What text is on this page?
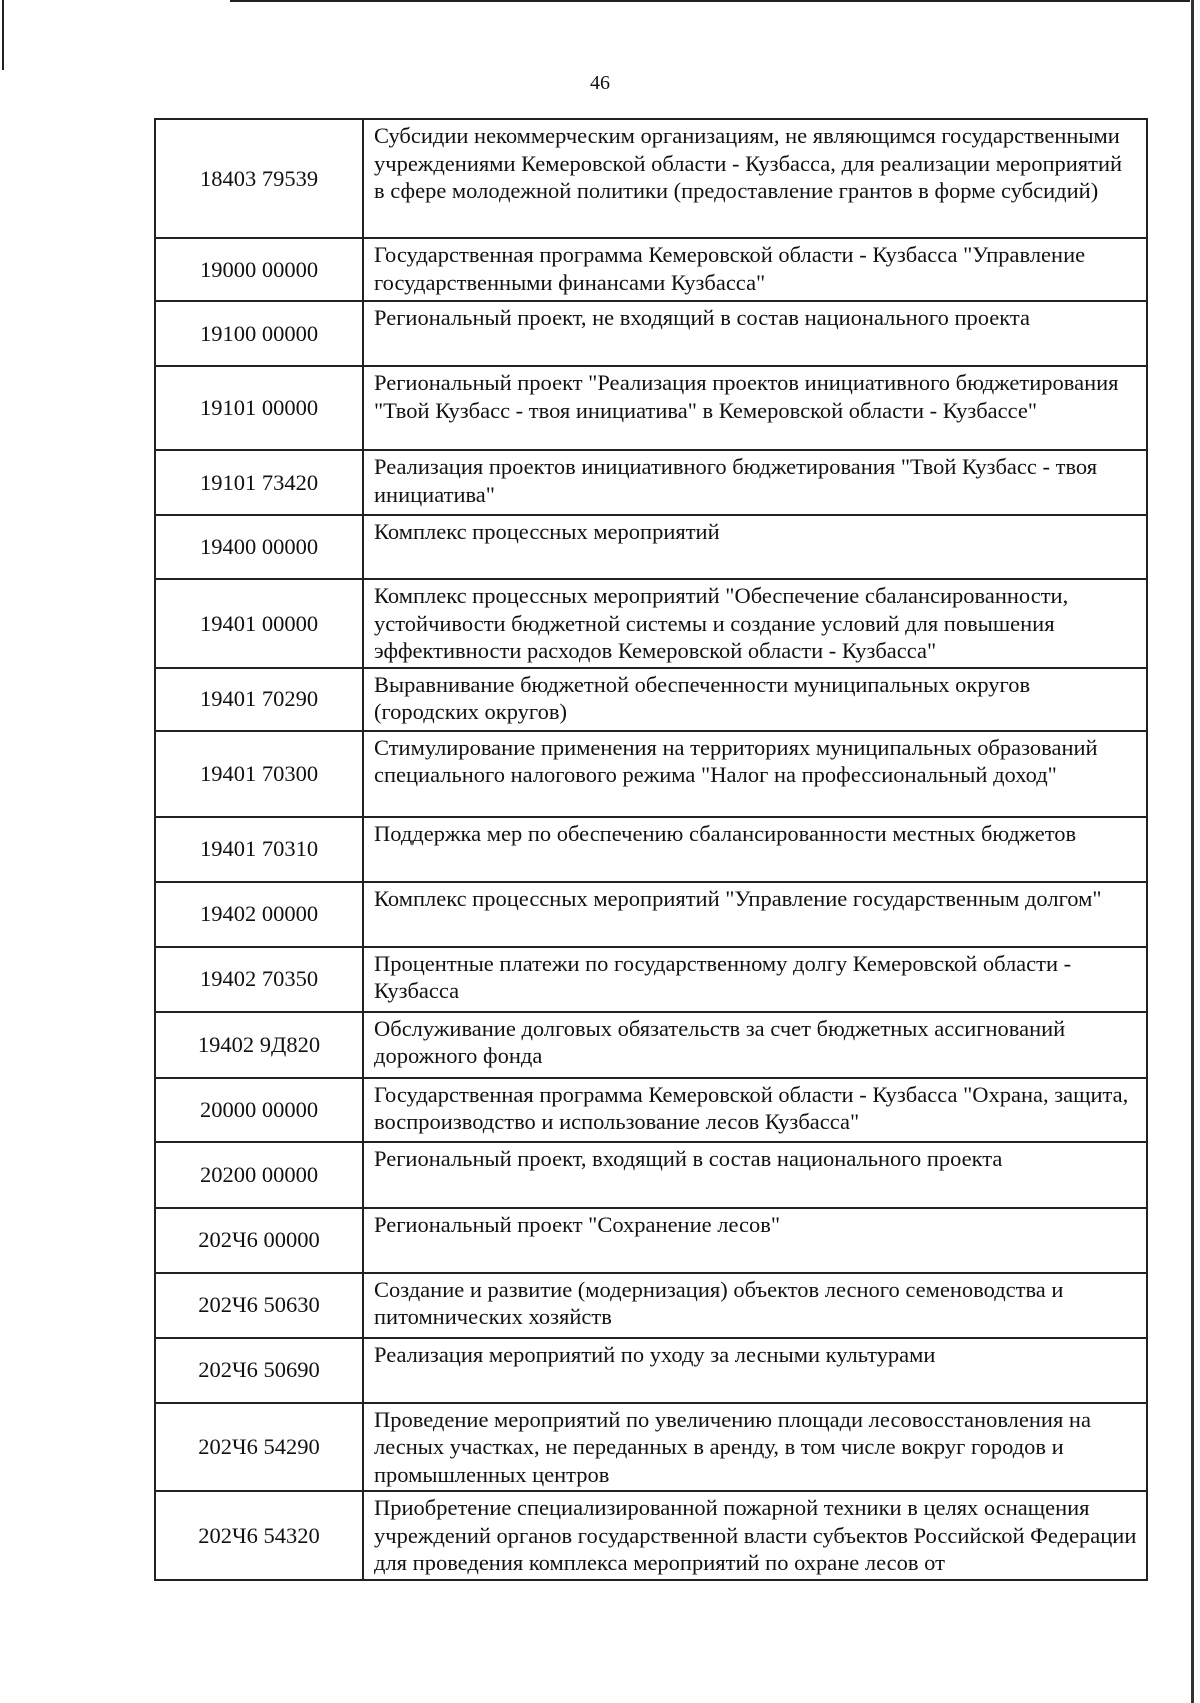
46
18403 79539	Субсидии некоммерческим организациям, не являющимся государственными учреждениями Кемеровской области - Кузбасса, для реализации мероприятий в сфере молодежной политики (предоставление грантов в форме субсидий)
19000 00000	Государственная программа Кемеровской области - Кузбасса "Управление государственными финансами Кузбасса"
19100 00000	Региональный проект, не входящий в состав национального проекта
19101 00000	Региональный проект "Реализация проектов инициативного бюджетирования "Твой Кузбасс - твоя инициатива" в Кемеровской области - Кузбассе"
19101 73420	Реализация проектов инициативного бюджетирования "Твой Кузбасс - твоя инициатива"
19400 00000	Комплекс процессных мероприятий
19401 00000	Комплекс процессных мероприятий "Обеспечение сбалансированности, устойчивости бюджетной системы и создание условий для повышения эффективности расходов Кемеровской области - Кузбасса"
19401 70290	Выравнивание бюджетной обеспеченности муниципальных округов (городских округов)
19401 70300	Стимулирование применения на территориях муниципальных образований специального налогового режима "Налог на профессиональный доход"
19401 70310	Поддержка мер по обеспечению сбалансированности местных бюджетов
19402 00000	Комплекс процессных мероприятий "Управление государственным долгом"
19402 70350	Процентные платежи по государственному долгу Кемеровской области - Кузбасса
19402 9Д820	Обслуживание долговых обязательств за счет бюджетных ассигнований дорожного фонда
20000 00000	Государственная программа Кемеровской области - Кузбасса "Охрана, защита, воспроизводство и использование лесов Кузбасса"
20200 00000	Региональный проект, входящий в состав национального проекта
202Ч6 00000	Региональный проект "Сохранение лесов"
202Ч6 50630	Создание и развитие (модернизация) объектов лесного семеноводства и питомнических хозяйств
202Ч6 50690	Реализация мероприятий по уходу за лесными культурами
202Ч6 54290	Проведение мероприятий по увеличению площади лесовосстановления на лесных участках, не переданных в аренду, в том числе вокруг городов и промышленных центров
202Ч6 54320	Приобретение специализированной пожарной техники в целях оснащения учреждений органов государственной власти субъектов Российской Федерации для проведения комплекса мероприятий по охране лесов от
